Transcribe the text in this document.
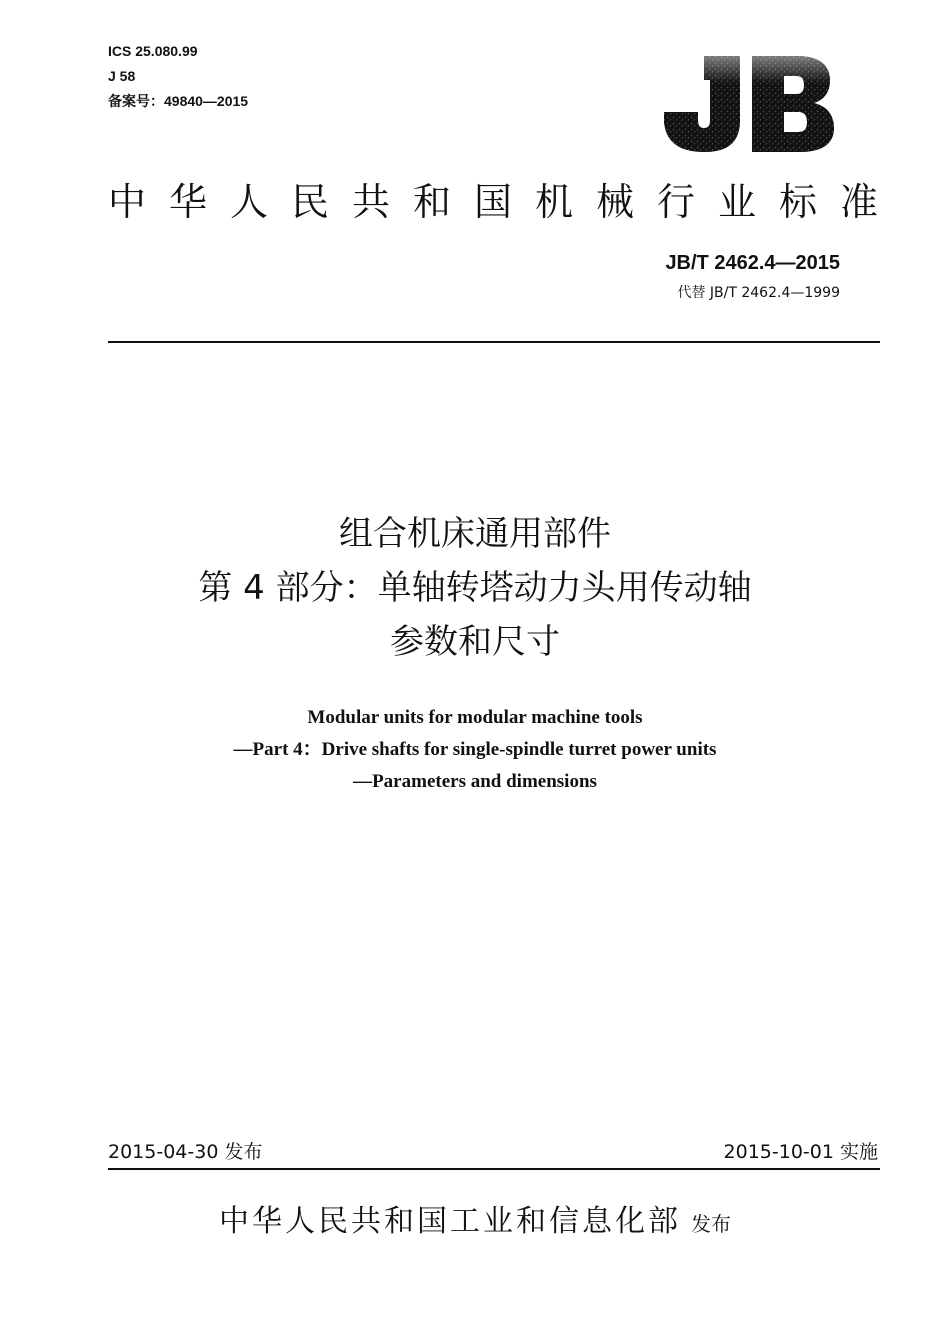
ICS 25.080.99
J 58
备案号：49840—2015
中华人民共和国机械行业标准
JB/T 2462.4—2015
代替 JB/T 2462.4—1999
组合机床通用部件
第 4 部分：单轴转塔动力头用传动轴
参数和尺寸
Modular units for modular machine tools
—Part 4：Drive shafts for single-spindle turret power units
—Parameters and dimensions
2015-04-30 发布	2015-10-01 实施
中华人民共和国工业和信息化部 发布
